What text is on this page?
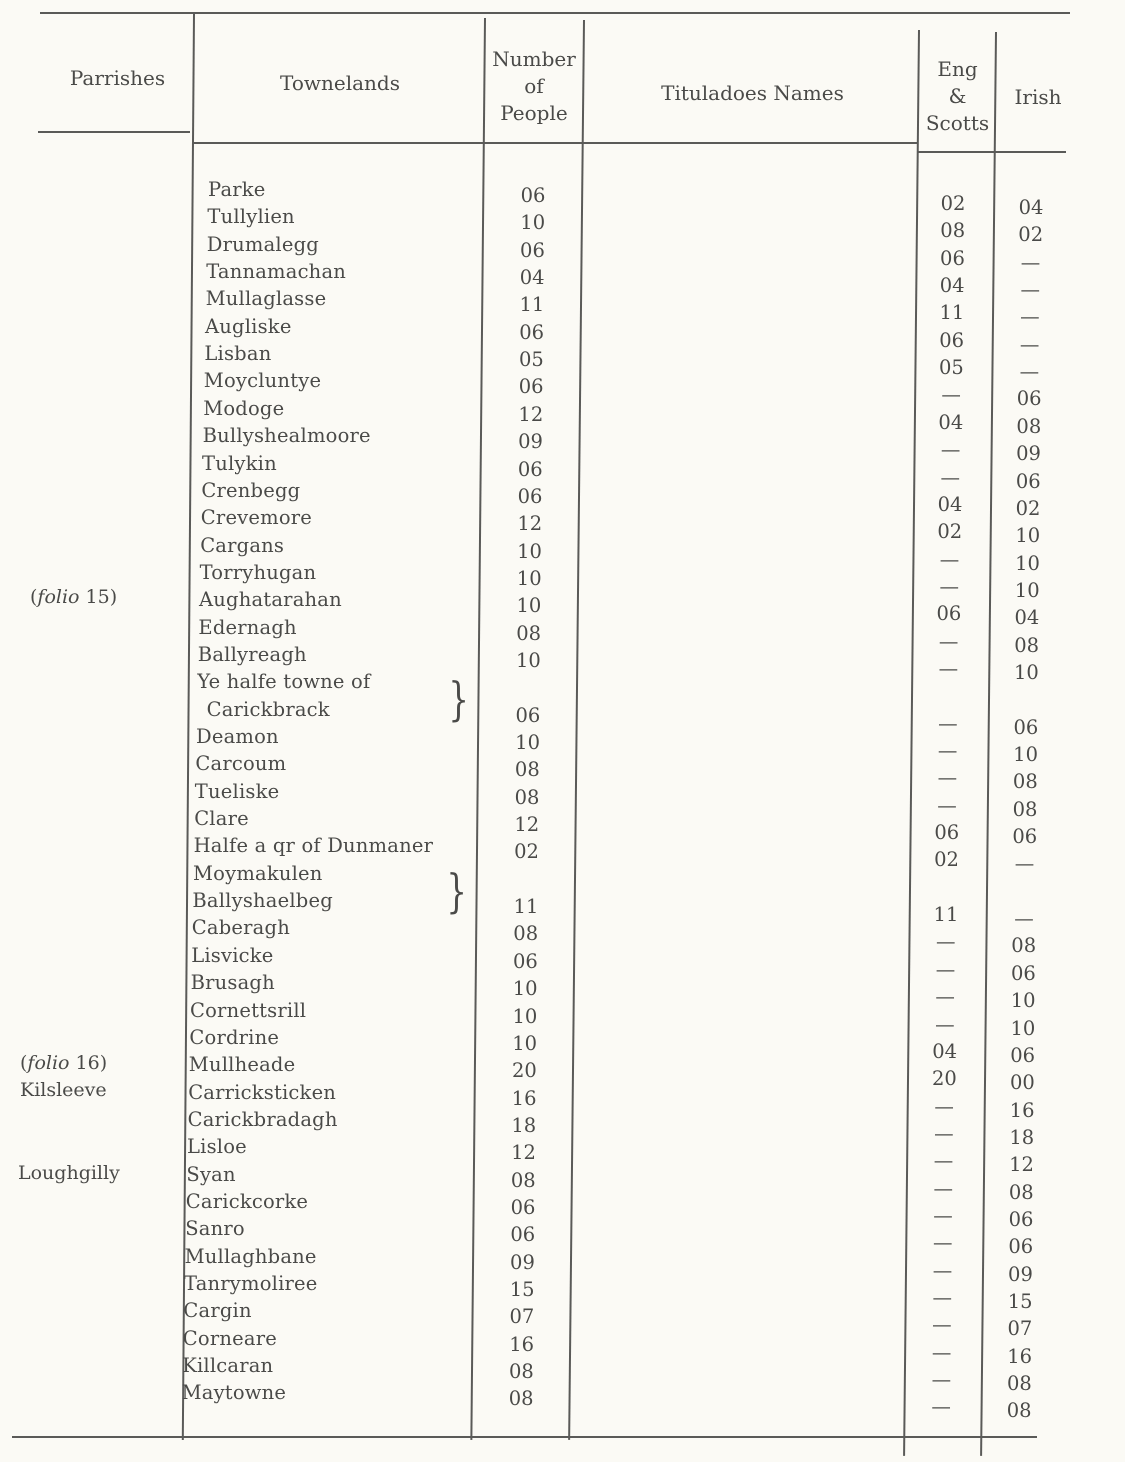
Parrishes	Townelands
Number
of
People
Tituladoes Names
Eng
&
Scotts
Irish
(folio 15)
(folio 16)
Kilsleeve
Loughgilly
}
}
Parke	06	02	04
Tullylien	10	08	02
Drumalegg	06	06	—
Tannamachan	04	04	—
Mullaglasse	11	11	—
Augliske	06	06	—
Lisban	05	05	—
Moycluntye	06	—	06
Modoge	12	04	08
Bullyshealmoore	09	—	09
Tulykin	06	—	06
Crenbegg	06	04	02
Crevemore	12	02	10
Cargans	10	—	10
Torryhugan	10	—	10
Aughatarahan	10	06	04
Edernagh	08	—	08
Ballyreagh	10	—	10
Ye halfe towne of
Carickbrack	06	—	06
Deamon	10	—	10
Carcoum	08	—	08
Tueliske	08	—	08
Clare	12	06	06
Halfe a qr of Dunmaner	02	02	—
Moymakulen
Ballyshaelbeg	11	11	—
Caberagh	08	—	08
Lisvicke	06	—	06
Brusagh	10	—	10
Cornettsrill	10	—	10
Cordrine	10	04	06
Mullheade	20	20	00
Carricksticken	16	—	16
Carickbradagh	18	—	18
Lisloe	12	—	12
Syan	08	—	08
Carickcorke	06	—	06
Sanro	06	—	06
Mullaghbane	09	—	09
Tanrymoliree	15	—	15
Cargin	07	—	07
Corneare	16	—	16
Killcaran	08	—	08
Maytowne	08	—	08
